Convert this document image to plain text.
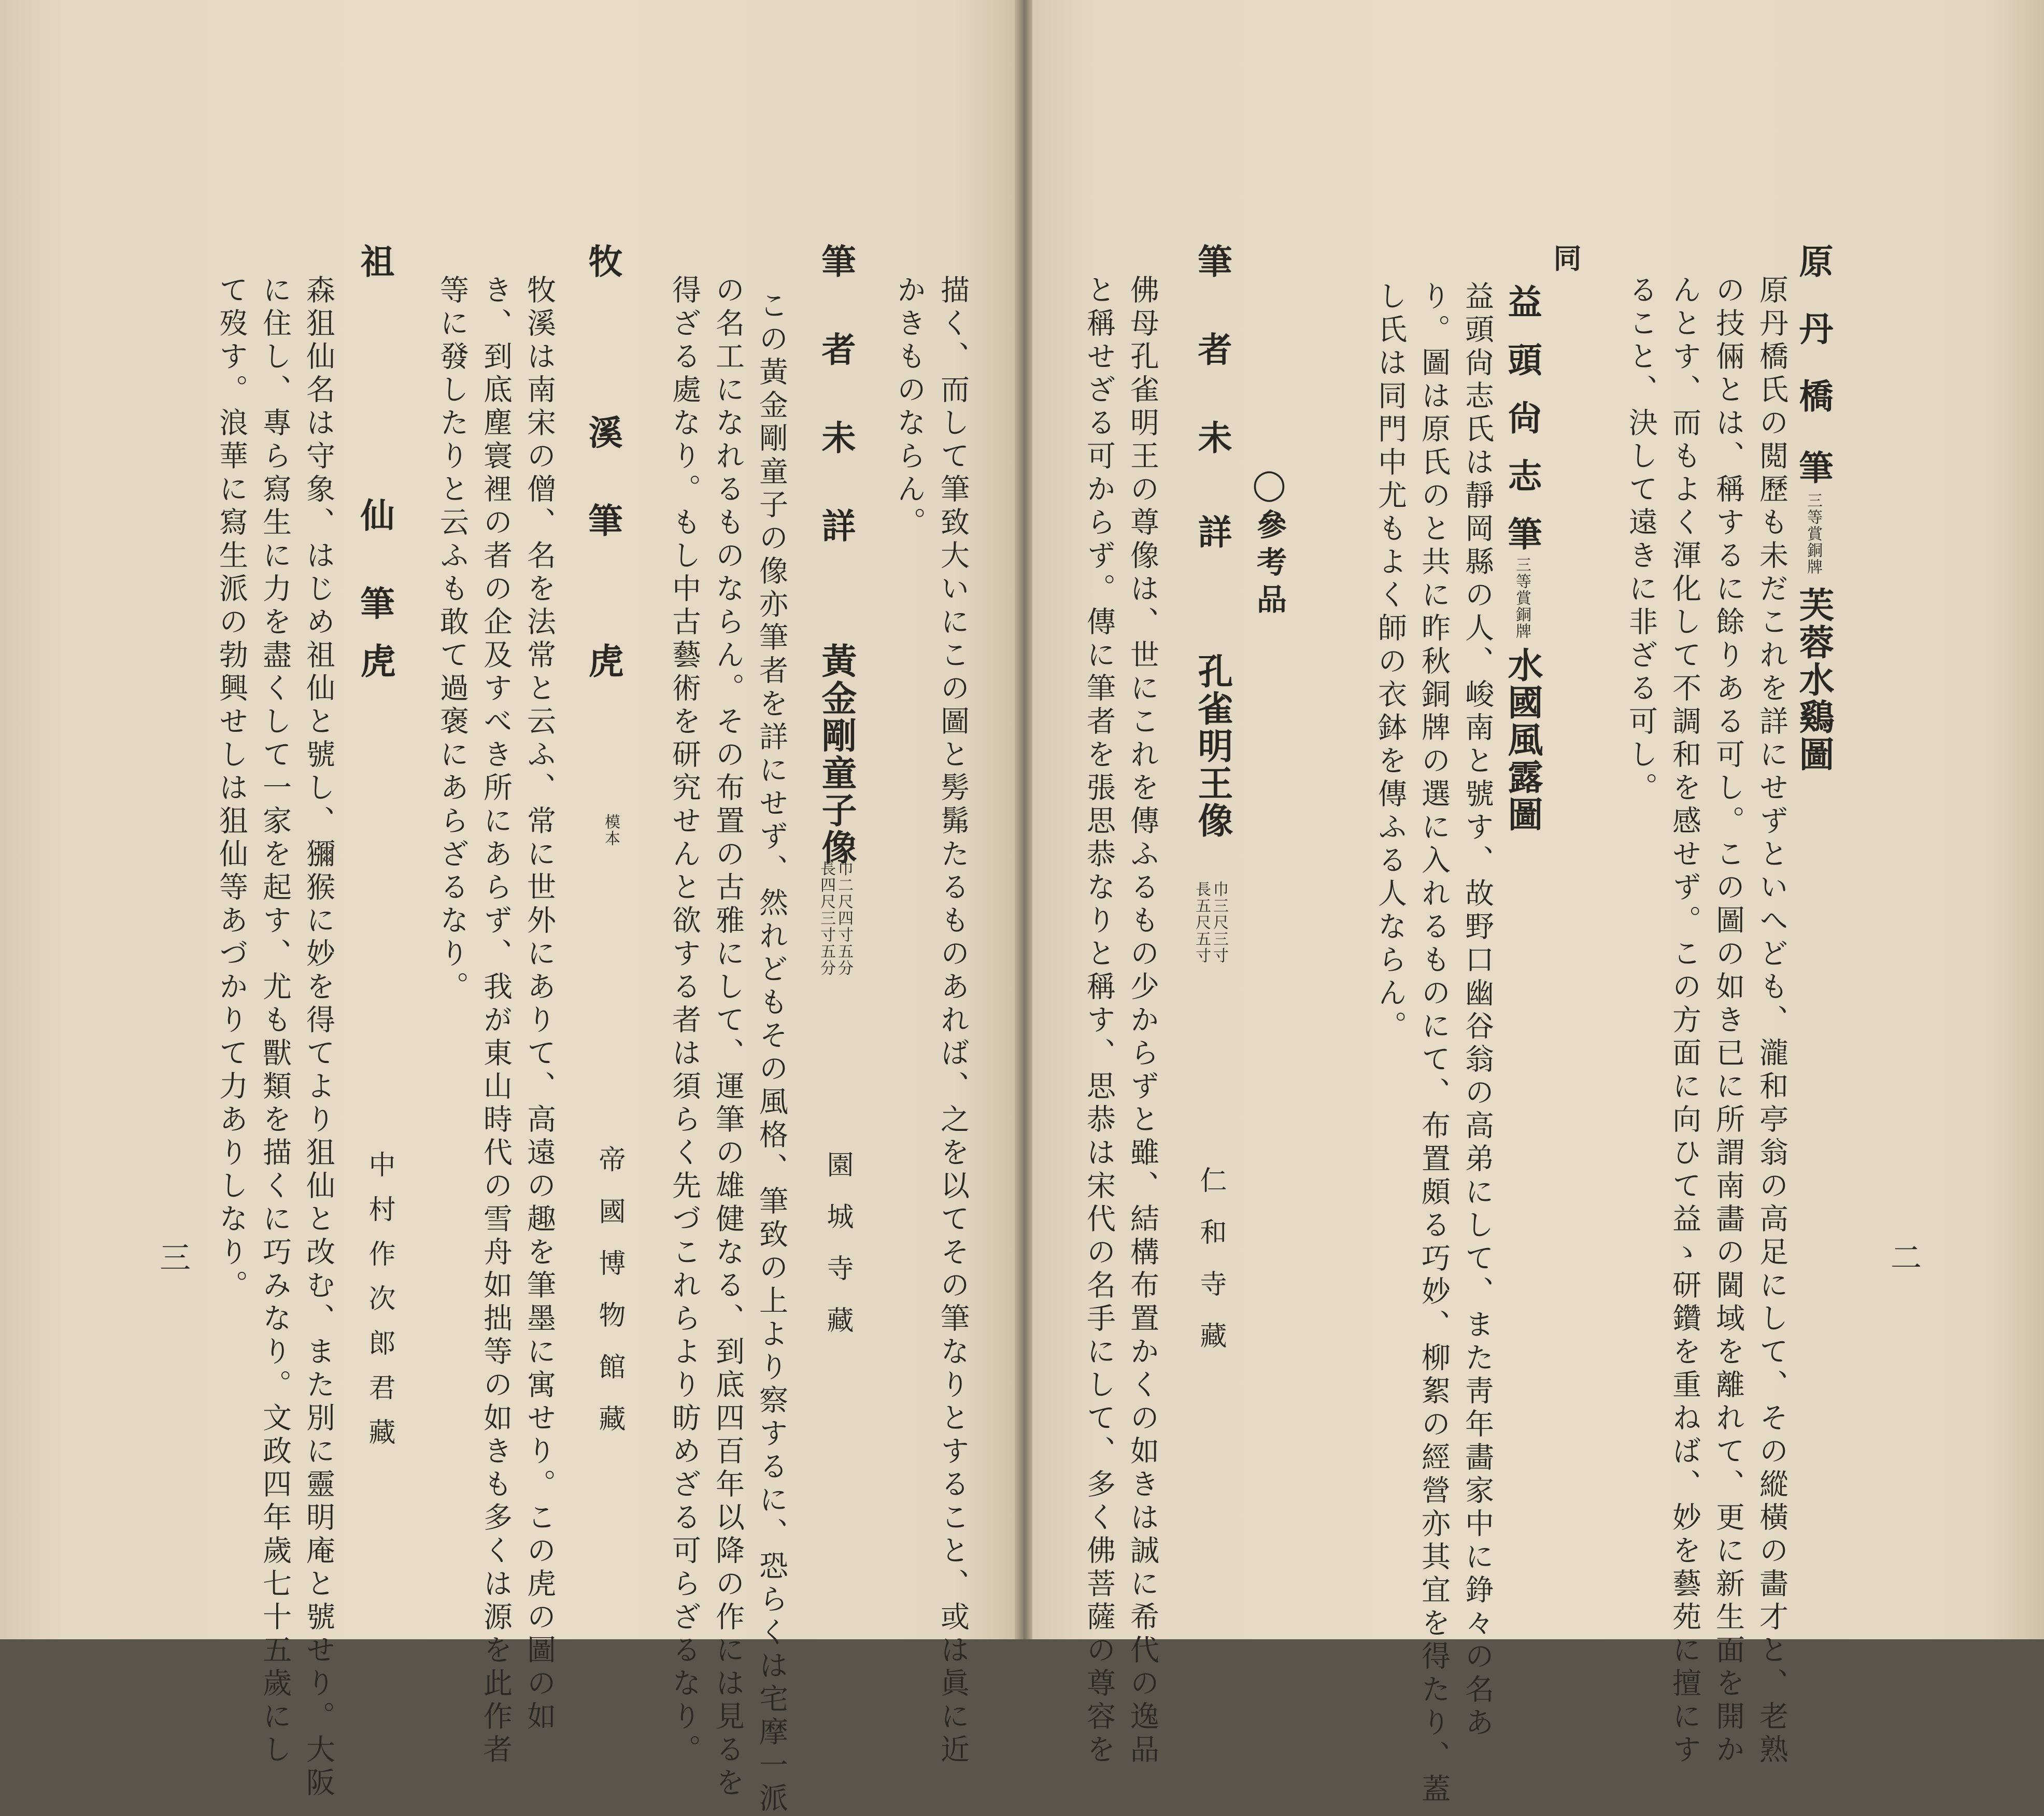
二
原
丹
橋
筆
三等賞銅牌
芙蓉水鷄圖
原丹橋氏の閲歷も未だこれを詳にせずといへども、瀧和亭翁の高足にして、その縱橫の畵才と、老熟
の技倆とは、稱するに餘りある可し。この圖の如き已に所謂南畵の閫域を離れて、更に新生面を開か
んとす、而もよく渾化して不調和を感せず。この方面に向ひて益ゝ研鑽を重ねば、妙を藝苑に擅にす
ること、決して遠きに非ざる可し。
同
益
頭
尙
志
筆
三等賞銅牌
水國風露圖
益頭尙志氏は靜岡縣の人、峻南と號す、故野口幽谷翁の高弟にして、また靑年畵家中に錚々の名あ
り。圖は原氏のと共に昨秋銅牌の選に入れるものにて、布置頗る巧妙、柳絮の經營亦其宜を得たり、蓋
し氏は同門中尤もよく師の衣鉢を傳ふる人ならん。
◯參考品
筆
者
未
詳
孔雀明王像
巾三尺三寸
長五尺五寸
仁和寺藏
佛母孔雀明王の尊像は、世にこれを傳ふるもの少からずと雖、結構布置かくの如きは誠に希代の逸品
と稱せざる可からず。傳に筆者を張思恭なりと稱す、思恭は宋代の名手にして、多く佛菩薩の尊容を
三	描く、而して筆致大いにこの圖と髣髴たるものあれば、之を以てその筆なりとすること、或は眞に近
かきものならん。
筆
者
未
詳
黃金剛童子像
巾二尺四寸五分
長四尺三寸五分
園城寺藏
この黃金剛童子の像亦筆者を詳にせず、然れどもその風格、筆致の上より察するに、恐らくは宅摩一派
の名工になれるものならん。その布置の古雅にして、運筆の雄健なる、到底四百年以降の作には見るを
得ざる處なり。もし中古藝術を研究せんと欲する者は須らく先づこれらより昉めざる可らざるなり。
牧
溪
筆
虎
模本
帝國博物館藏
牧溪は南宋の僧、名を法常と云ふ、常に世外にありて、高遠の趣を筆墨に寓せり。この虎の圖の如
き、到底塵寰裡の者の企及すべき所にあらず、我が東山時代の雪舟如拙等の如きも多くは源を此作者
等に發したりと云ふも敢て過褒にあらざるなり。
祖
仙
筆
虎
中村作次郎君藏
森狙仙名は守象、はじめ祖仙と號し、獼猴に妙を得てより狙仙と改む、また別に靈明庵と號せり。大阪
に住し、專ら寫生に力を盡くして一家を起す、尤も獸類を描くに巧みなり。文政四年歲七十五歲にし
て歿す。浪華に寫生派の勃興せしは狙仙等あづかりて力ありしなり。
